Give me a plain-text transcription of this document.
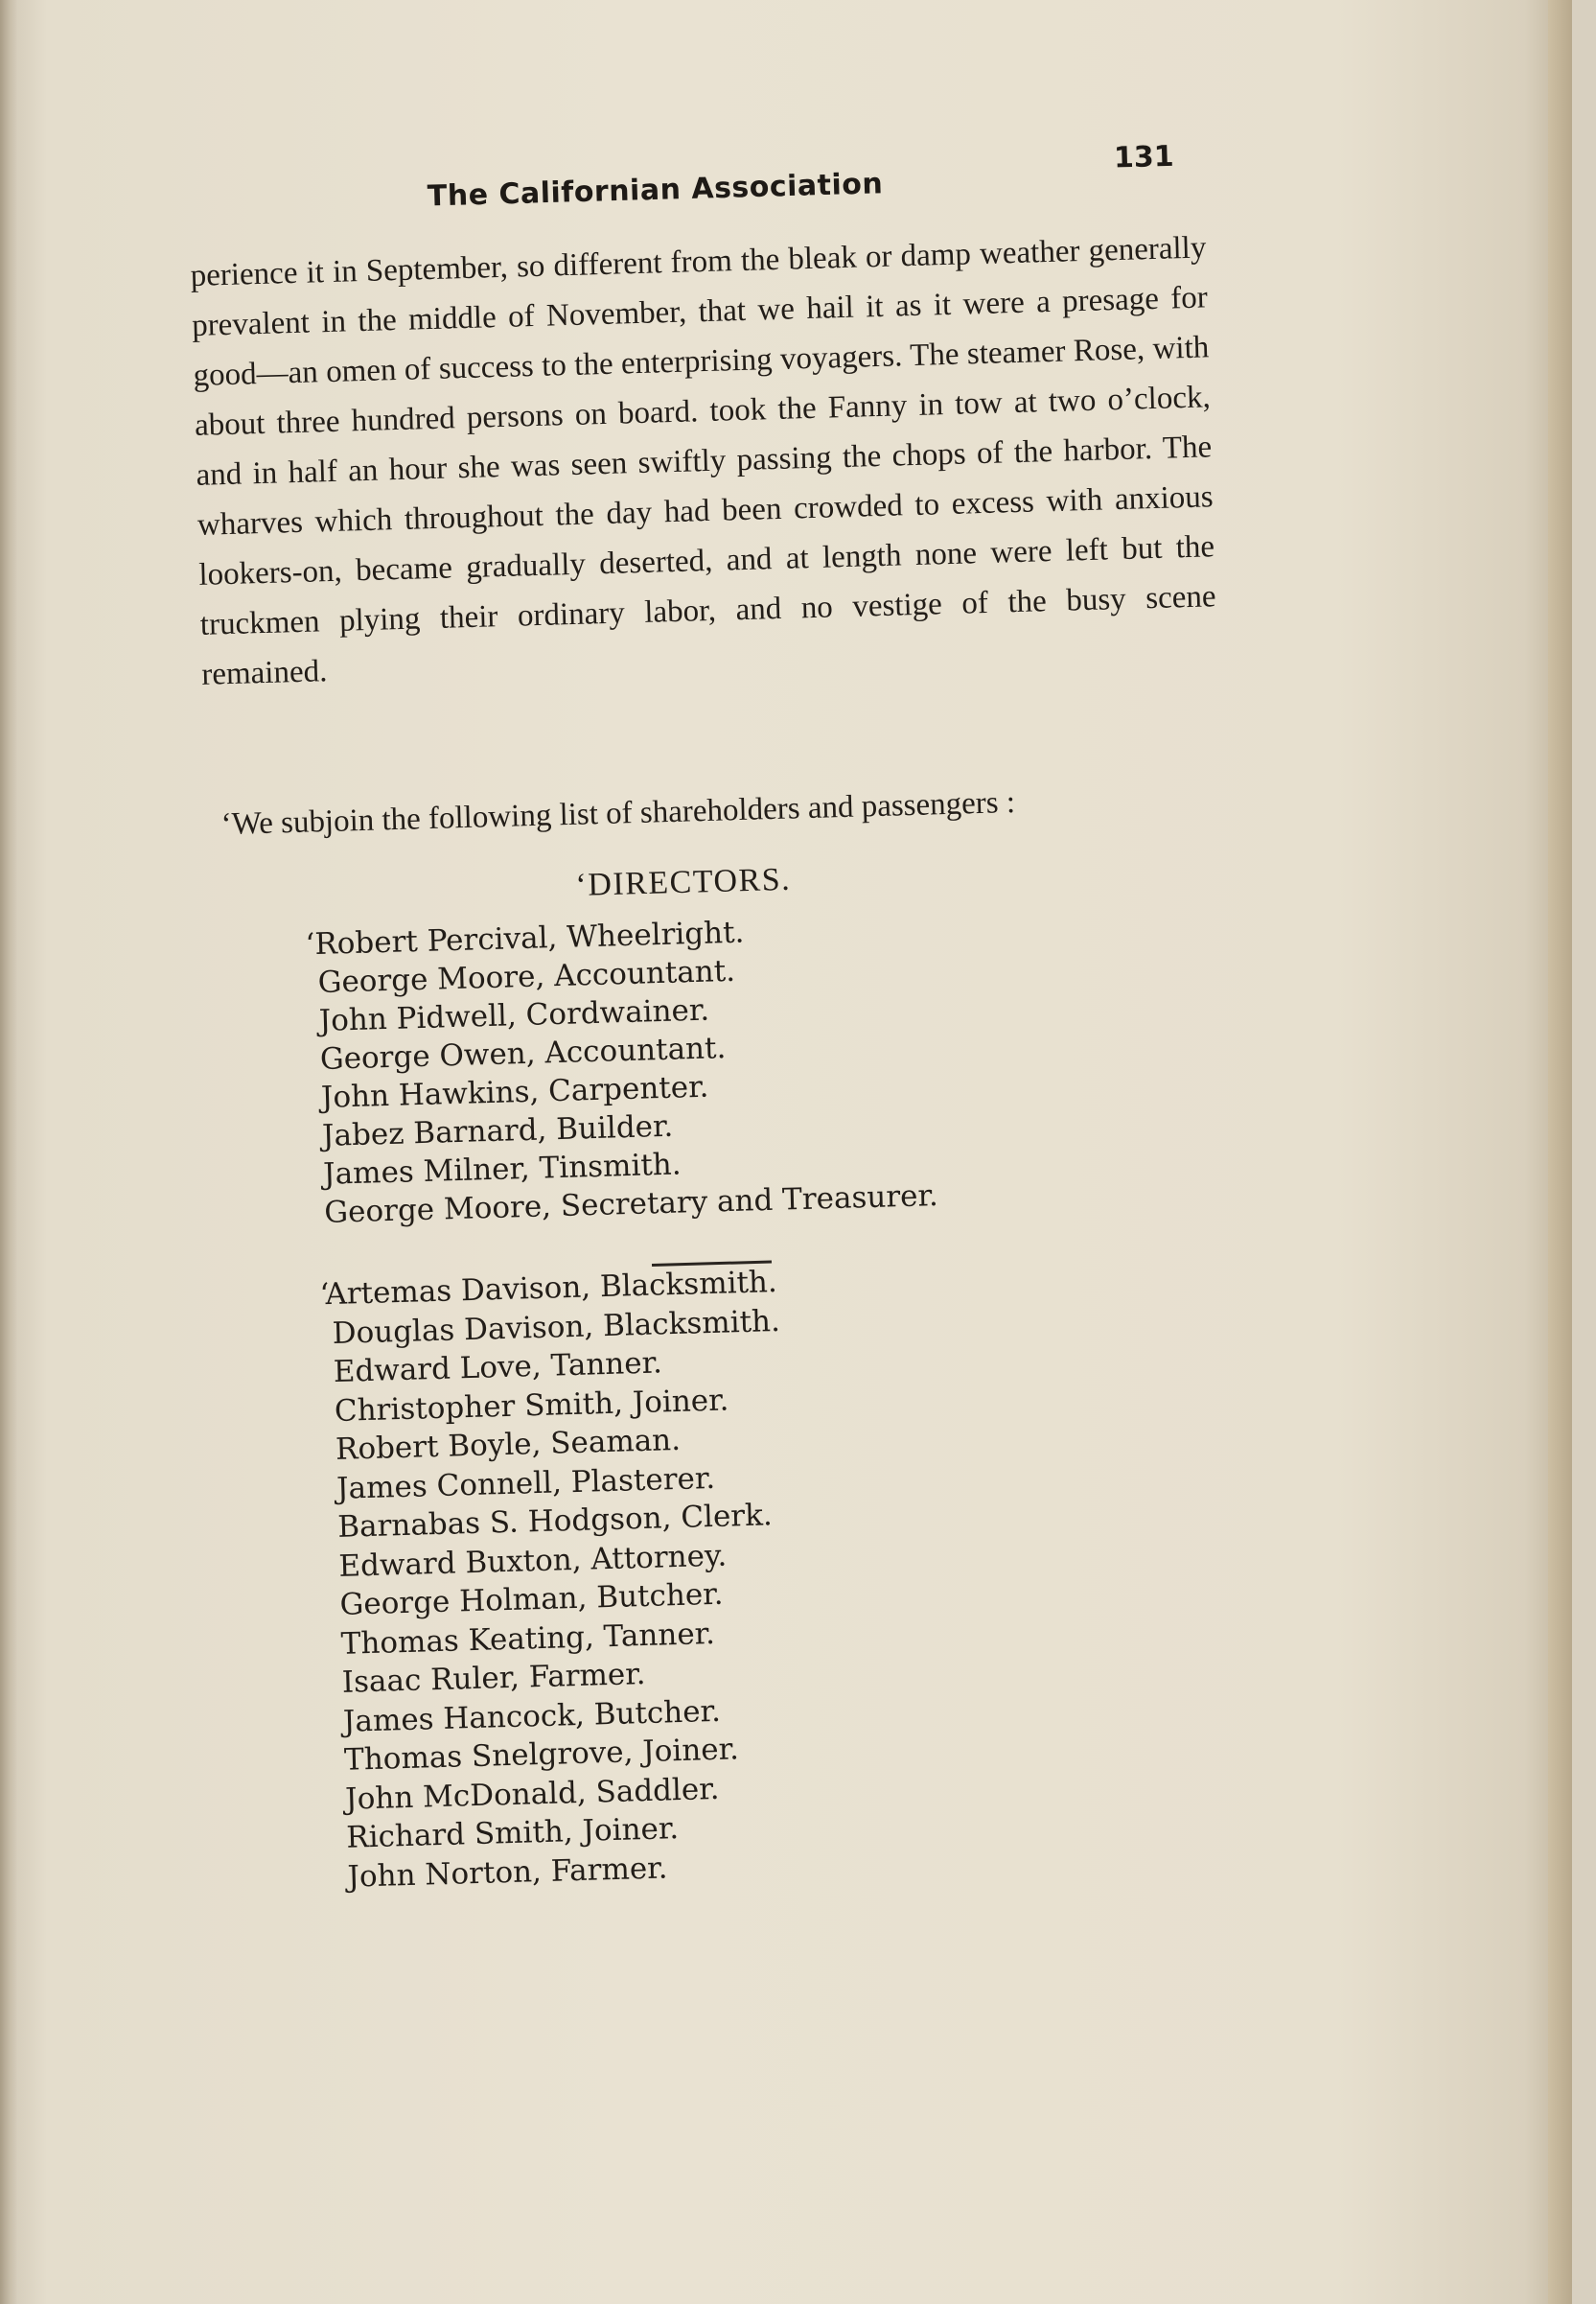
The Californian Association
131

perience it in September, so different from the bleak or damp weather generally prevalent in the middle of November, that we hail it as it were a presage for good—an omen of success to the enterprising voyagers. The steamer Rose, with about three hundred persons on board. took the Fanny in tow at two o’clock, and in half an hour she was seen swiftly passing the chops of the harbor. The wharves which throughout the day had been crowded to excess with anxious lookers-on, became gradually deserted, and at length none were left but the truckmen plying their ordinary labor, and no vestige of the busy scene remained.

‘We subjoin the following list of shareholders and passengers :

‘DIRECTORS.
‘Robert Percival, Wheelright.
George Moore, Accountant.
John Pidwell, Cordwainer.
George Owen, Accountant.
John Hawkins, Carpenter.
Jabez Barnard, Builder.
James Milner, Tinsmith.
George Moore, Secretary and Treasurer.
‘Artemas Davison, Blacksmith.
Douglas Davison, Blacksmith.
Edward Love, Tanner.
Christopher Smith, Joiner.
Robert Boyle, Seaman.
James Connell, Plasterer.
Barnabas S. Hodgson, Clerk.
Edward Buxton, Attorney.
George Holman, Butcher.
Thomas Keating, Tanner.
Isaac Ruler, Farmer.
James Hancock, Butcher.
Thomas Snelgrove, Joiner.
John McDonald, Saddler.
Richard Smith, Joiner.
John Norton, Farmer.
